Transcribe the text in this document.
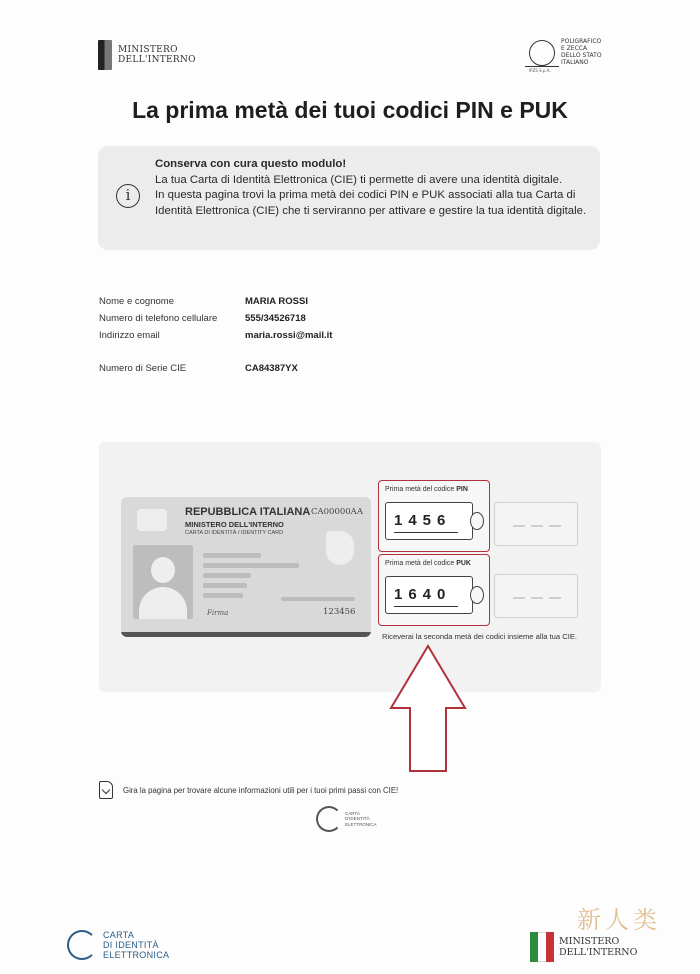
MINISTERO
DELL'INTERNO
POLIGRAFICO
E ZECCA
DELLO STATO
ITALIANO
IPZS S.p.A.
La prima metà dei tuoi codici PIN e PUK
i
Conserva con cura questo modulo!
La tua Carta di Identità Elettronica (CIE) ti permette di avere una identità digitale.
In questa pagina trovi la prima metà dei codici PIN e PUK associati alla tua Carta di Identità Elettronica (CIE) che ti serviranno per attivare e gestire la tua identità digitale.
Nome e cognome	MARIA ROSSI
Numero di telefono cellulare	555/34526718
Indirizzo email	maria.rossi@mail.it
Numero di Serie CIE	CA84387YX
REPUBBLICA ITALIANA CA00000AA
MINISTERO DELL'INTERNO
CARTA DI IDENTITÀ / IDENTITY CARD
Firma	123456
Prima metà del codice PIN
1456
Prima metà del codice PUK
1640
Riceverai la seconda metà dei codici insieme alla tua CIE.
Gira la pagina per trovare alcune informazioni utili per i tuoi primi passi con CIE!
CARTA
D'IDENTITÀ
ELETTRONICA
CARTA
DI IDENTITÀ
ELETTRONICA
MINISTERO
DELL'INTERNO
新人类
